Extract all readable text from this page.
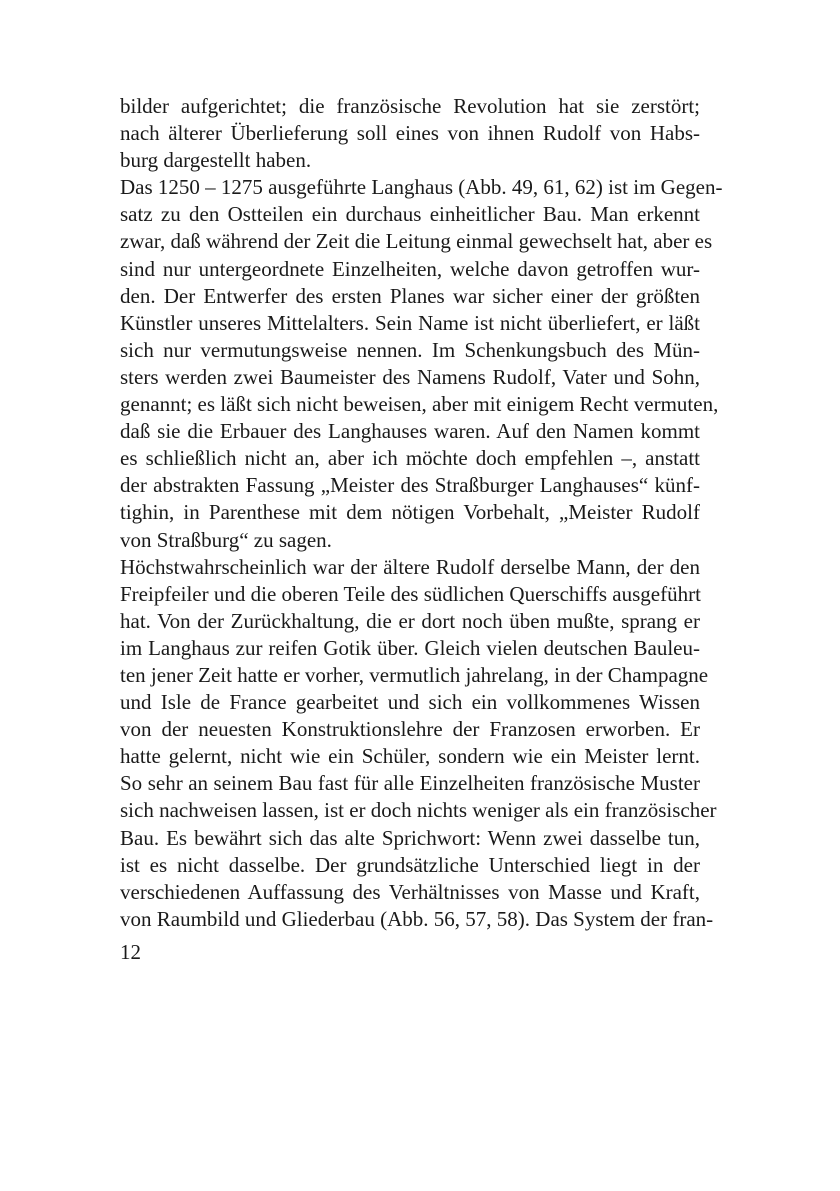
bilder aufgerichtet; die französische Revolution hat sie zerstört;
nach älterer Überlieferung soll eines von ihnen Rudolf von Habs-
burg dargestellt haben.
Das 1250 – 1275 ausgeführte Langhaus (Abb. 49, 61, 62) ist im Gegen-
satz zu den Ostteilen ein durchaus einheitlicher Bau. Man erkennt
zwar, daß während der Zeit die Leitung einmal gewechselt hat, aber es
sind nur untergeordnete Einzelheiten, welche davon getroffen wur-
den. Der Entwerfer des ersten Planes war sicher einer der größten
Künstler unseres Mittelalters. Sein Name ist nicht überliefert, er läßt
sich nur vermutungsweise nennen. Im Schenkungsbuch des Mün-
sters werden zwei Baumeister des Namens Rudolf, Vater und Sohn,
genannt; es läßt sich nicht beweisen, aber mit einigem Recht vermuten,
daß sie die Erbauer des Langhauses waren. Auf den Namen kommt
es schließlich nicht an, aber ich möchte doch empfehlen –, anstatt
der abstrakten Fassung „Meister des Straßburger Langhauses“ künf-
tighin, in Parenthese mit dem nötigen Vorbehalt, „Meister Rudolf
von Straßburg“ zu sagen.
Höchstwahrscheinlich war der ältere Rudolf derselbe Mann, der den
Freipfeiler und die oberen Teile des südlichen Querschiffs ausgeführt
hat. Von der Zurückhaltung, die er dort noch üben mußte, sprang er
im Langhaus zur reifen Gotik über. Gleich vielen deutschen Bauleu-
ten jener Zeit hatte er vorher, vermutlich jahrelang, in der Champagne
und Isle de France gearbeitet und sich ein vollkommenes Wissen
von der neuesten Konstruktionslehre der Franzosen erworben. Er
hatte gelernt, nicht wie ein Schüler, sondern wie ein Meister lernt.
So sehr an seinem Bau fast für alle Einzelheiten französische Muster
sich nachweisen lassen, ist er doch nichts weniger als ein französischer
Bau. Es bewährt sich das alte Sprichwort: Wenn zwei dasselbe tun,
ist es nicht dasselbe. Der grundsätzliche Unterschied liegt in der
verschiedenen Auffassung des Verhältnisses von Masse und Kraft,
von Raumbild und Gliederbau (Abb. 56, 57, 58). Das System der fran-
12
